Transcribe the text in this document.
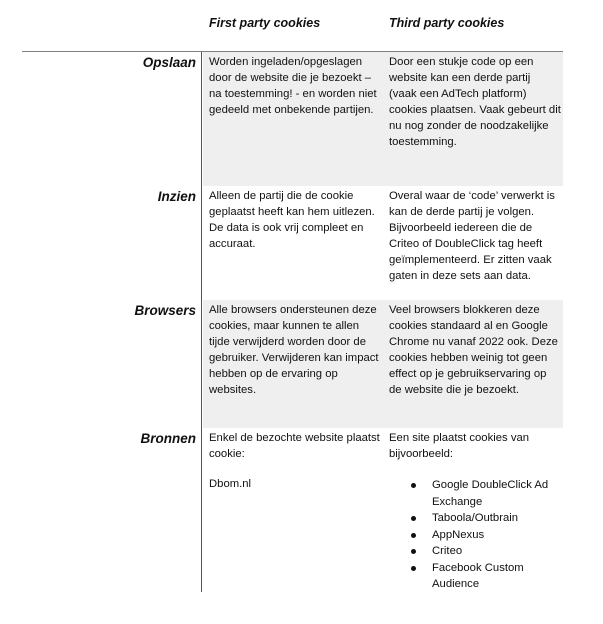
First party cookies	Third party cookies
Opslaan Worden ingeladen/opgeslagen door de website die je bezoekt – na toestemming! - en worden niet gedeeld met onbekende partijen.
Door een stukje code op een website kan een derde partij (vaak een AdTech platform) cookies plaatsen. Vaak gebeurt dit nu nog zonder de noodzakelijke toestemming.
Inzien Alleen de partij die de cookie geplaatst heeft kan hem uitlezen. De data is ook vrij compleet en accuraat.
Overal waar de ‘code’ verwerkt is kan de derde partij je volgen. Bijvoorbeeld iedereen die de Criteo of DoubleClick tag heeft geïmplementeerd. Er zitten vaak gaten in deze sets aan data.
Browsers Alle browsers ondersteunen deze cookies, maar kunnen te allen tijde verwijderd worden door de gebruiker. Verwijderen kan impact hebben op de ervaring op websites.
Veel browsers blokkeren deze cookies standaard al en Google Chrome nu vanaf 2022 ook. Deze cookies hebben weinig tot geen effect op je gebruikservaring op de website die je bezoekt.
Bronnen Enkel de bezochte website plaatst cookie:
Dbom.nl
Een site plaatst cookies van bijvoorbeeld:
Google DoubleClick Ad Exchange
Taboola/Outbrain
AppNexus
Criteo
Facebook Custom Audience
